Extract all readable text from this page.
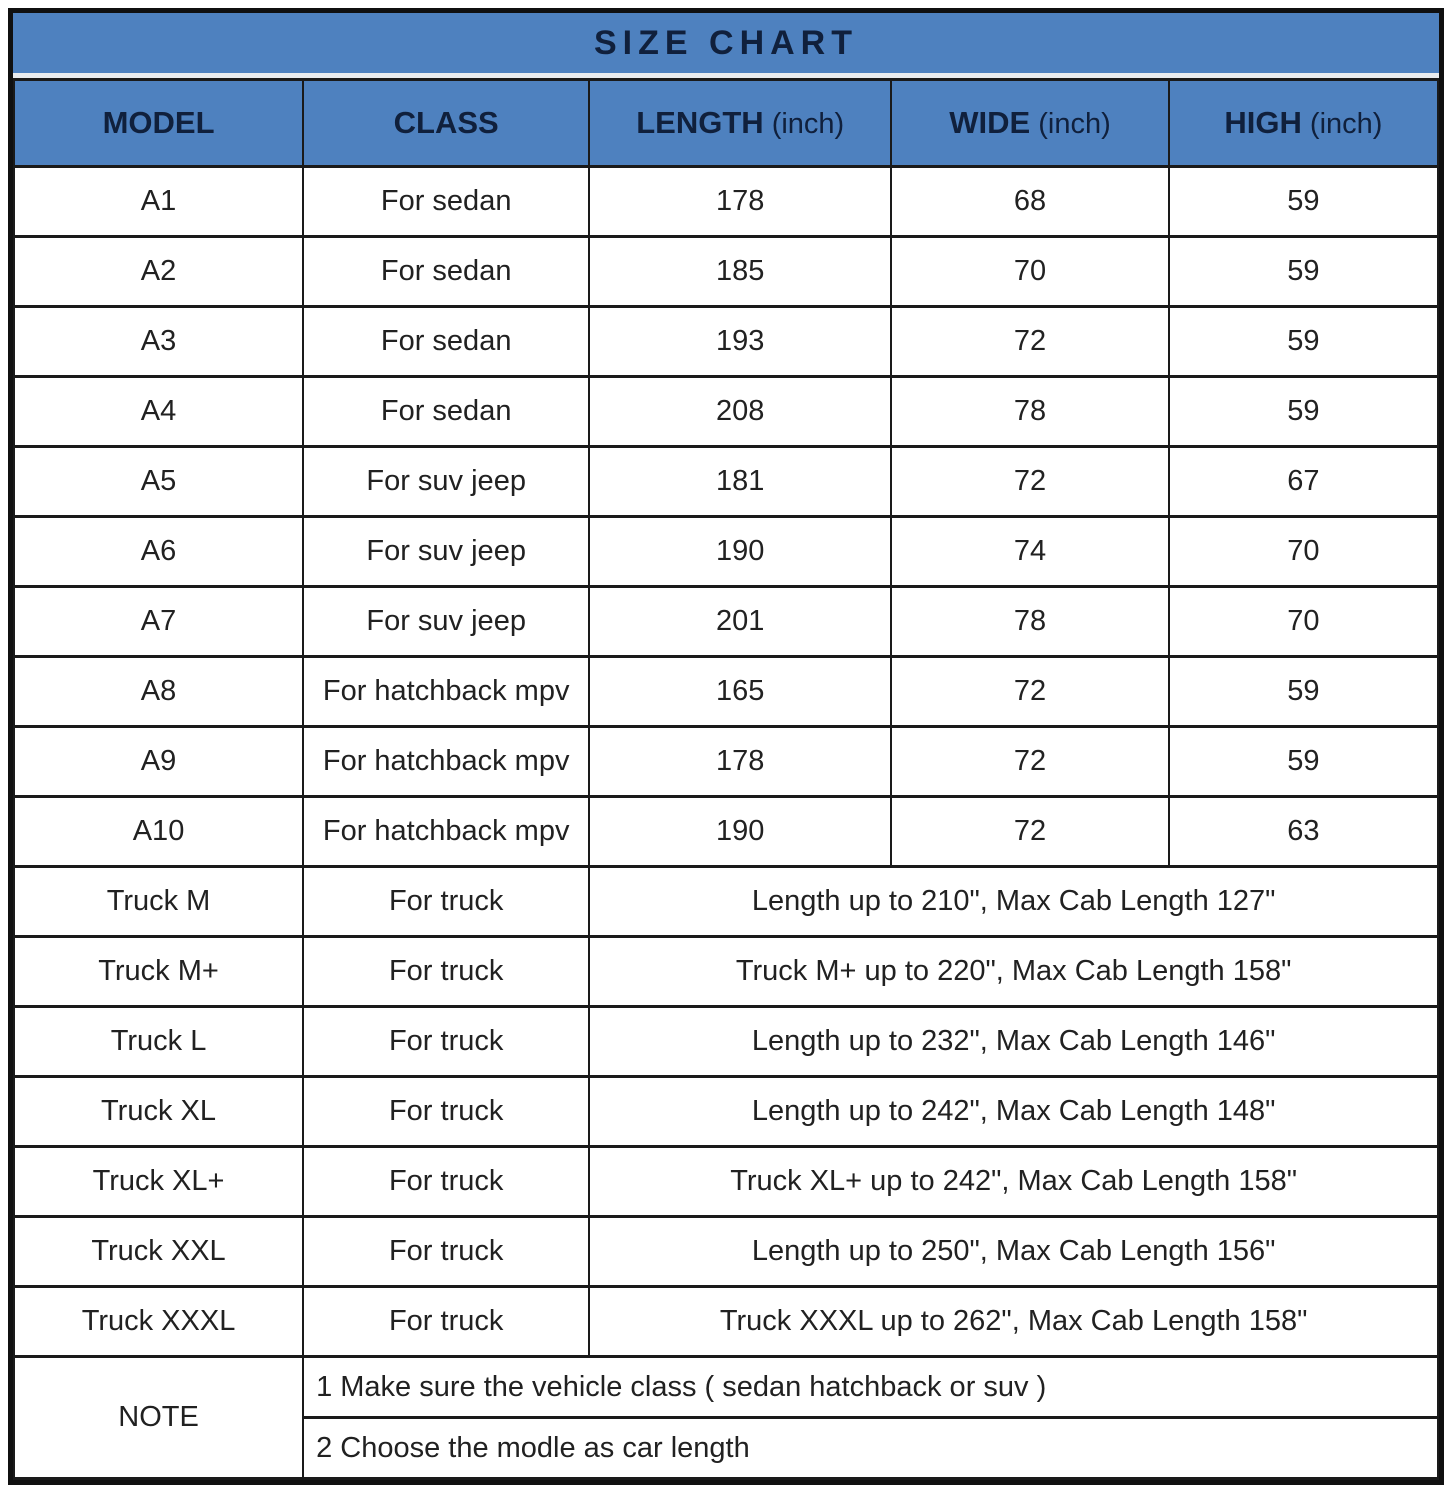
SIZE CHART
MODEL	CLASS	LENGTH (inch)	WIDE (inch)	HIGH (inch)
A1	For sedan	178	68	59
A2	For sedan	185	70	59
A3	For sedan	193	72	59
A4	For sedan	208	78	59
A5	For suv jeep	181	72	67
A6	For suv jeep	190	74	70
A7	For suv jeep	201	78	70
A8	For hatchback mpv	165	72	59
A9	For hatchback mpv	178	72	59
A10	For hatchback mpv	190	72	63
Truck M	For truck	Length up to 210", Max Cab Length 127"		
Truck M+	For truck	Truck M+ up to 220", Max Cab Length 158"		
Truck L	For truck	Length up to 232", Max Cab Length 146"		
Truck XL	For truck	Length up to 242", Max Cab Length 148"		
Truck XL+	For truck	Truck XL+ up to 242", Max Cab Length 158"		
Truck XXL	For truck	Length up to 250", Max Cab Length 156"		
Truck XXXL	For truck	Truck XXXL up to 262", Max Cab Length 158"		
NOTE	1 Make sure the vehicle class ( sedan hatchback or suv )			
	2 Choose the modle as car length			
